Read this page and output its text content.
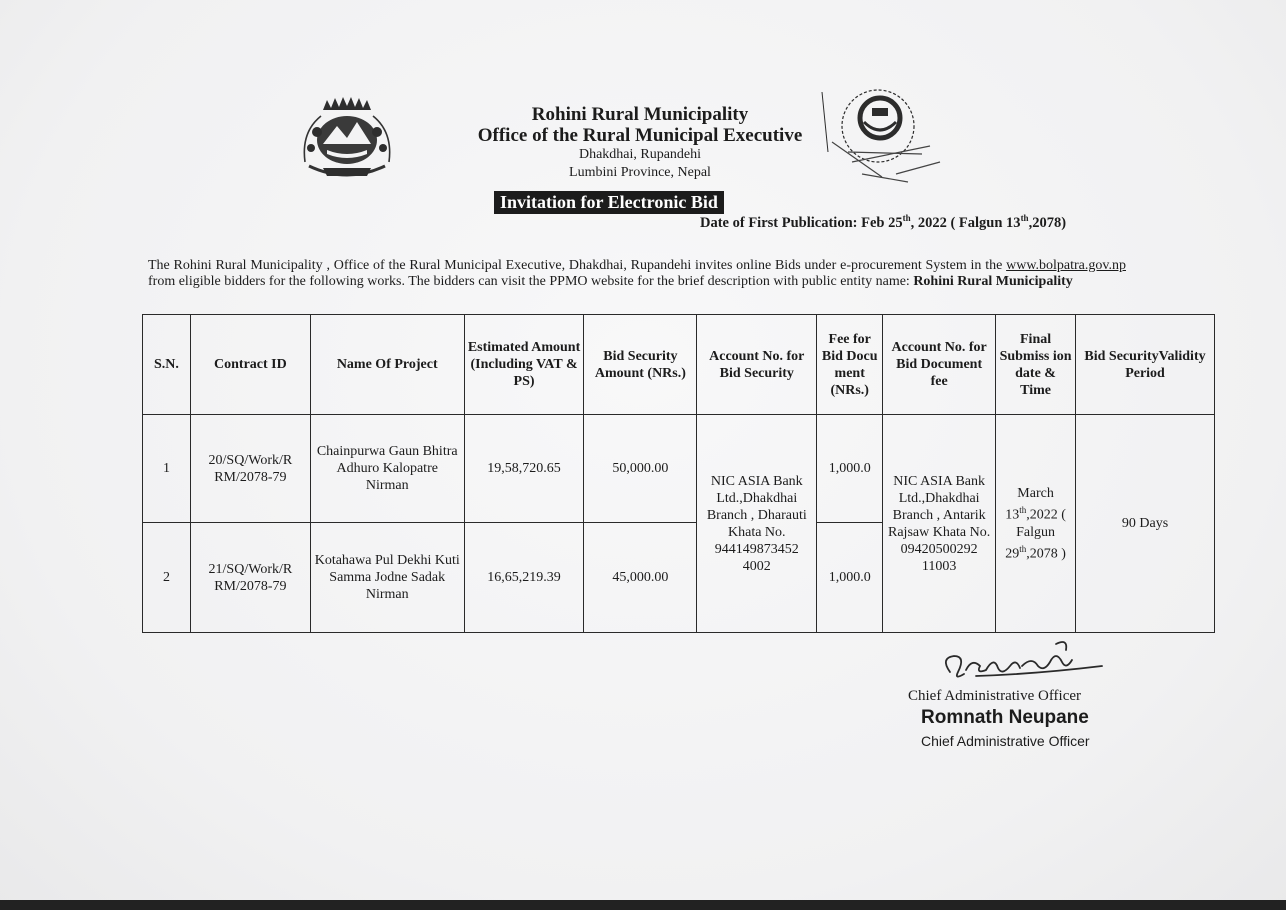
Rohini Rural Municipality
Office of the Rural Municipal Executive
Dhakdhai, Rupandehi
Lumbini Province, Nepal
Invitation for Electronic Bid
Date of First Publication: Feb 25th, 2022 ( Falgun 13th,2078)
The Rohini Rural Municipality , Office of the Rural Municipal Executive, Dhakdhai, Rupandehi invites online Bids under e-procurement System in the www.bolpatra.gov.np from eligible bidders for the following works. The bidders can visit the PPMO website for the brief description with public entity name: Rohini Rural Municipality
S.N.	Contract ID	Name Of Project	Estimated Amount (Including VAT & PS)	Bid Security Amount (NRs.)	Account No. for Bid Security	Fee for Bid Docu ment (NRs.)	Account No. for Bid Document fee	Final Submiss ion date & Time	Bid SecurityValidity Period
1	20/SQ/Work/R RM/2078-79	Chainpurwa Gaun Bhitra Adhuro Kalopatre Nirman	19,58,720.65	50,000.00	NIC ASIA Bank Ltd.,Dhakdhai Branch , Dharauti Khata No. 944149873452 4002	1,000.0	NIC ASIA Bank Ltd.,Dhakdhai Branch , Antarik Rajsaw Khata No. 09420500292 11003	March 13th,2022 ( Falgun 29th,2078 )	90 Days
2	21/SQ/Work/R RM/2078-79	Kotahawa Pul Dekhi Kuti Samma Jodne Sadak Nirman	16,65,219.39	45,000.00		1,000.0			
Chief Administrative Officer
Romnath Neupane
Chief Administrative Officer
